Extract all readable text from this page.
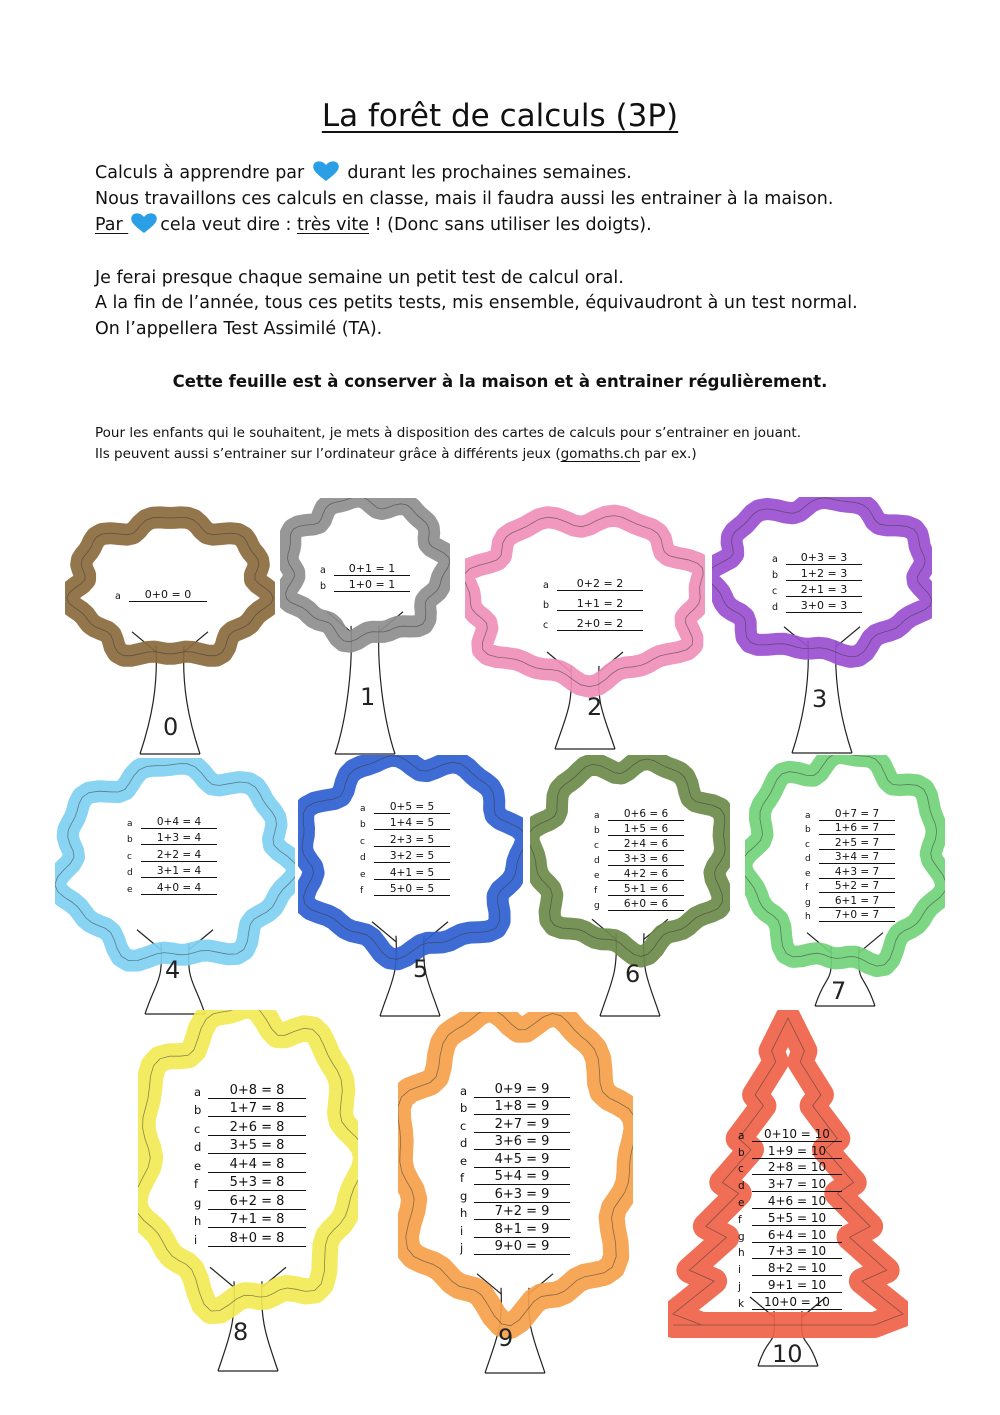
La forêt de calculs (3P)

Calculs à apprendre par durant les prochaines semaines.

Nous travaillons ces calculs en classe, mais il faudra aussi les entrainer à la maison.

Par cela veut dire : très vite ! (Donc sans utiliser les doigts).

Je ferai presque chaque semaine un petit test de calcul oral.

A la fin de l’année, tous ces petits tests, mis ensemble, équivaudront à un test normal.

On l’appellera Test Assimilé (TA).

Cette feuille est à conserver à la maison et à entrainer régulièrement.

Pour les enfants qui le souhaitent, je mets à disposition des cartes de calculs pour s’entrainer en jouant.

Ils peuvent aussi s’entrainer sur l’ordinateur grâce à différents jeux (gomaths.ch par ex.)

a	0+0 = 0
0
a	0+1 = 1
b	1+0 = 1
1
a	0+2 = 2
b	1+1 = 2
c	2+0 = 2
2
a	0+3 = 3
b	1+2 = 3
c	2+1 = 3
d	3+0 = 3
3
a	0+4 = 4
b	1+3 = 4
c	2+2 = 4
d	3+1 = 4
e	4+0 = 4
4
a	0+5 = 5
b	1+4 = 5
c	2+3 = 5
d	3+2 = 5
e	4+1 = 5
f	5+0 = 5
5
a	0+6 = 6
b	1+5 = 6
c	2+4 = 6
d	3+3 = 6
e	4+2 = 6
f	5+1 = 6
g	6+0 = 6
6
a	0+7 = 7
b	1+6 = 7
c	2+5 = 7
d	3+4 = 7
e	4+3 = 7
f	5+2 = 7
g	6+1 = 7
h	7+0 = 7
7
a	0+8 = 8
b	1+7 = 8
c	2+6 = 8
d	3+5 = 8
e	4+4 = 8
f	5+3 = 8
g	6+2 = 8
h	7+1 = 8
i	8+0 = 8
8
a	0+9 = 9
b	1+8 = 9
c	2+7 = 9
d	3+6 = 9
e	4+5 = 9
f	5+4 = 9
g	6+3 = 9
h	7+2 = 9
i	8+1 = 9
j	9+0 = 9
9
a	0+10 = 10
b	1+9 = 10
c	2+8 = 10
d	3+7 = 10
e	4+6 = 10
f	5+5 = 10
g	6+4 = 10
h	7+3 = 10
i	8+2 = 10
j	9+1 = 10
k	10+0 = 10
10
